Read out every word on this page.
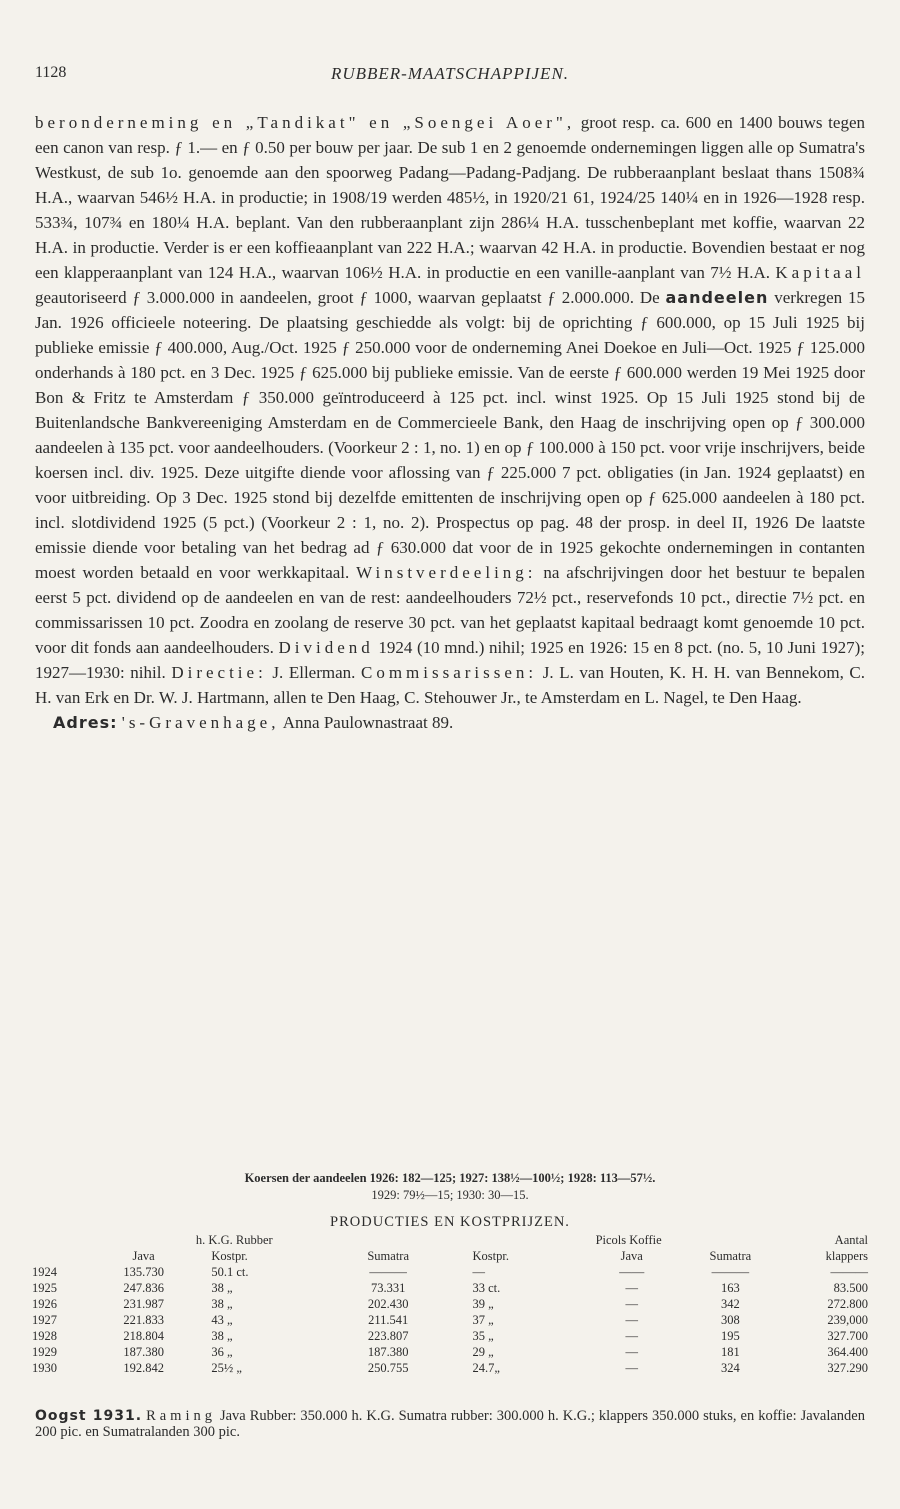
1128	RUBBER-MAATSCHAPPIJEN.
beronderneming en „Tandikat" en „Soengei Aoer", groot resp. ca. 600 en 1400 bouws tegen een canon van resp. ƒ 1.— en ƒ 0.50 per bouw per jaar. De sub 1 en 2 genoemde ondernemingen liggen alle op Sumatra's Westkust, de sub 1o. genoemde aan den spoorweg Padang—Padang-Padjang. De rubberaanplant beslaat thans 1508¾ H.A., waarvan 546½ H.A. in productie; in 1908/19 werden 485½, in 1920/21 61, 1924/25 140¼ en in 1926—1928 resp. 533¾, 107¾ en 180¼ H.A. beplant. Van den rubberaanplant zijn 286¼ H.A. tusschenbeplant met koffie, waarvan 22 H.A. in productie. Verder is er een koffieaanplant van 222 H.A.; waarvan 42 H.A. in productie. Bovendien bestaat er nog een klapperaanplant van 124 H.A., waarvan 106½ H.A. in productie en een vanille-aanplant van 7½ H.A. Kapitaal geautoriseerd ƒ 3.000.000 in aandeelen, groot ƒ 1000, waarvan geplaatst ƒ 2.000.000. De aandeelen verkregen 15 Jan. 1926 officieele noteering. De plaatsing geschiedde als volgt: bij de oprichting ƒ 600.000, op 15 Juli 1925 bij publieke emissie ƒ 400.000, Aug./Oct. 1925 ƒ 250.000 voor de onderneming Anei Doekoe en Juli—Oct. 1925 ƒ 125.000 onderhands à 180 pct. en 3 Dec. 1925 ƒ 625.000 bij publieke emissie. Van de eerste ƒ 600.000 werden 19 Mei 1925 door Bon & Fritz te Amsterdam ƒ 350.000 geïntroduceerd à 125 pct. incl. winst 1925. Op 15 Juli 1925 stond bij de Buitenlandsche Bankvereeniging Amsterdam en de Commercieele Bank, den Haag de inschrijving open op ƒ 300.000 aandeelen à 135 pct. voor aandeelhouders. (Voorkeur 2 : 1, no. 1) en op ƒ 100.000 à 150 pct. voor vrije inschrijvers, beide koersen incl. div. 1925. Deze uitgifte diende voor aflossing van ƒ 225.000 7 pct. obligaties (in Jan. 1924 geplaatst) en voor uitbreiding. Op 3 Dec. 1925 stond bij dezelfde emittenten de inschrijving open op ƒ 625.000 aandeelen à 180 pct. incl. slotdividend 1925 (5 pct.) (Voorkeur 2 : 1, no. 2). Prospectus op pag. 48 der prosp. in deel II, 1926 De laatste emissie diende voor betaling van het bedrag ad ƒ 630.000 dat voor de in 1925 gekochte ondernemingen in contanten moest worden betaald en voor werkkapitaal. Winstverdeeling: na afschrijvingen door het bestuur te bepalen eerst 5 pct. dividend op de aandeelen en van de rest: aandeelhouders 72½ pct., reservefonds 10 pct., directie 7½ pct. en commissarissen 10 pct. Zoodra en zoolang de reserve 30 pct. van het geplaatst kapitaal bedraagt komt genoemde 10 pct. voor dit fonds aan aandeelhouders. Dividend 1924 (10 mnd.) nihil; 1925 en 1926: 15 en 8 pct. (no. 5, 10 Juni 1927); 1927—1930: nihil. Directie: J. Ellerman. Commissarissen: J. L. van Houten, K. H. H. van Bennekom, C. H. van Erk en Dr. W. J. Hartmann, allen te Den Haag, C. Stehouwer Jr., te Amsterdam en L. Nagel, te Den Haag.
Adres: 's-Gravenhage, Anna Paulownastraat 89.
Koersen der aandeelen 1926: 182—125; 1927: 138½—100½; 1928: 113—57½.
1929: 79½—15; 1930: 30—15.
PRODUCTIES EN KOSTPRIJZEN.
	h. K.G. Rubber				Picols Koffie		Aantal
	Java	Kostpr.	Sumatra	Kostpr.	Java	Sumatra	klappers
1924	135.730	50.1 ct.	———	—	——	———	———
1925	247.836	38 „	73.331	33 ct.	—	163	83.500
1926	231.987	38 „	202.430	39 „	—	342	272.800
1927	221.833	43 „	211.541	37 „	—	308	239,000
1928	218.804	38 „	223.807	35 „	—	195	327.700
1929	187.380	36 „	187.380	29 „	—	181	364.400
1930	192.842	25½ „	250.755	24.7„	—	324	327.290
Oogst 1931. Raming Java Rubber: 350.000 h. K.G. Sumatra rubber: 300.000 h. K.G.; klappers 350.000 stuks, en koffie: Javalanden 200 pic. en Sumatralanden 300 pic.
